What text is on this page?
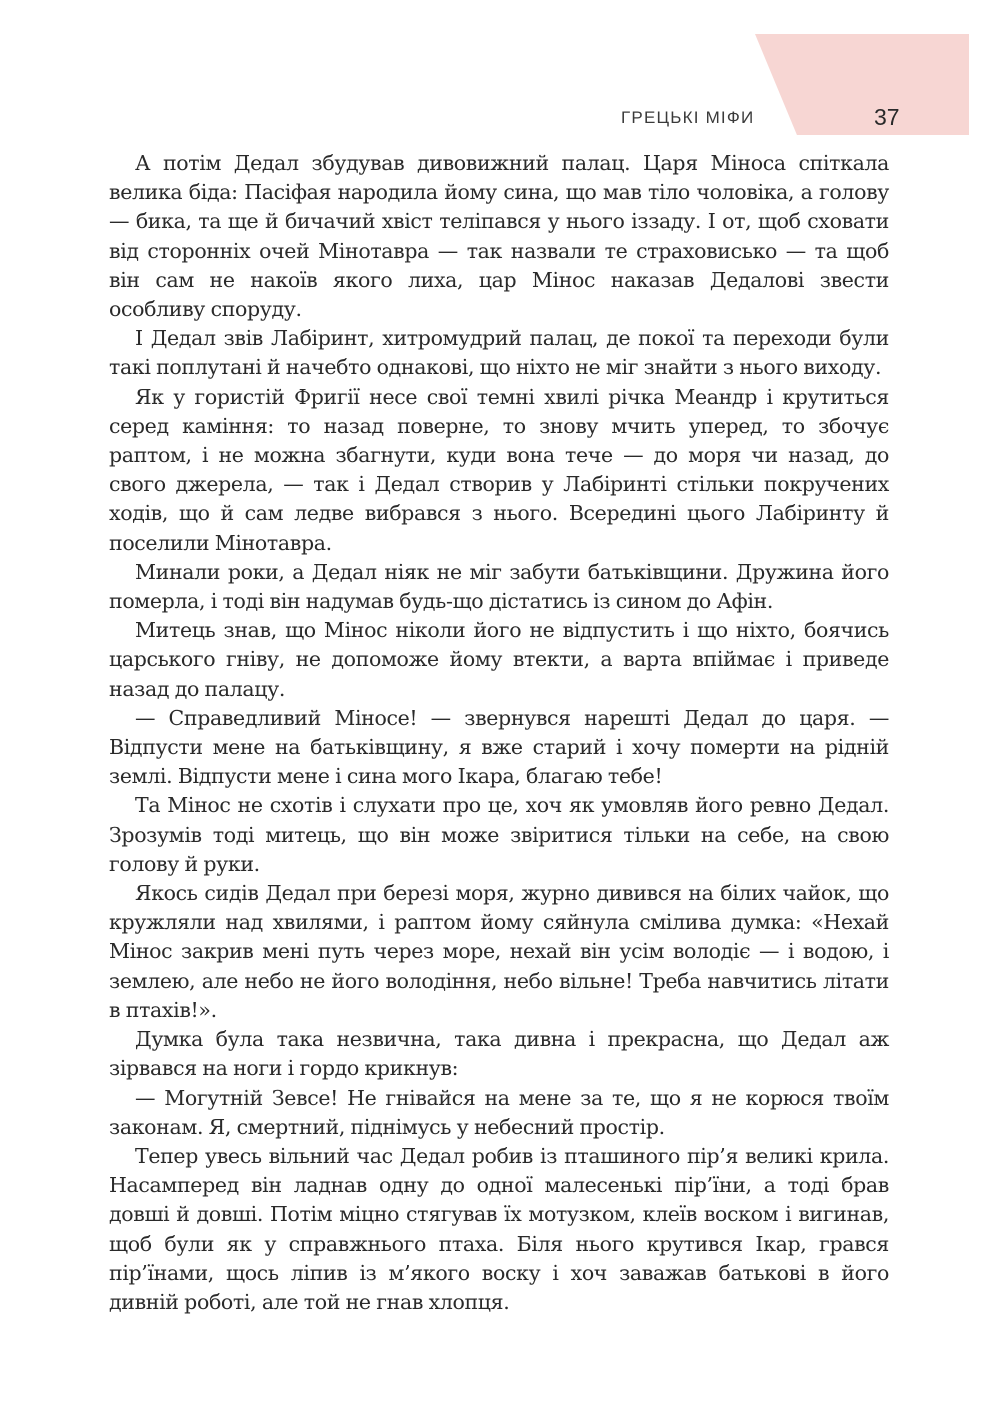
ГРЕЦЬКІ МІФИ	37

А потім Дедал збудував дивовижний палац. Царя Міноса спіткала велика біда: Пасіфая народила йому сина, що мав тіло чоловіка, а голову — бика, та ще й бичачий хвіст теліпався у нього іззаду. І от, щоб сховати від сторонніх очей Мінотавра — так назвали те страховисько — та щоб він сам не накоїв якого лиха, цар Мінос наказав Дедалові звести особливу споруду.

І Дедал звів Лабіринт, хитромудрий палац, де покої та переходи були такі поплутані й начебто однакові, що ніхто не міг знайти з нього виходу.

Як у гористій Фригії несе свої темні хвилі річка Меандр і крутиться серед каміння: то назад поверне, то знову мчить уперед, то збочує раптом, і не можна збагнути, куди вона тече — до моря чи назад, до свого джерела, — так і Дедал створив у Лабіринті стільки покручених ходів, що й сам ледве вибрався з нього. Всередині цього Лабіринту й поселили Мінотавра.

Минали роки, а Дедал ніяк не міг забути батьківщини. Дружина його померла, і тоді він надумав будь-що дістатись із сином до Афін.

Митець знав, що Мінос ніколи його не відпустить і що ніхто, боячись царського гніву, не допоможе йому втекти, а варта впіймає і приведе назад до палацу.

— Справедливий Міносе! — звернувся нарешті Дедал до царя. — Відпусти мене на батьківщину, я вже старий і хочу померти на рідній землі. Відпусти мене і сина мого Ікара, благаю тебе!

Та Мінос не схотів і слухати про це, хоч як умовляв його ревно Дедал. Зрозумів тоді митець, що він може звіритися тільки на себе, на свою голову й руки.

Якось сидів Дедал при березі моря, журно дивився на білих чайок, що кружляли над хвилями, і раптом йому сяйнула смілива думка: «Нехай Мінос закрив мені путь через море, нехай він усім володіє — і водою, і землею, але небо не його володіння, небо вільне! Треба навчитись літати в птахів!».

Думка була така незвична, така дивна і прекрасна, що Дедал аж зірвався на ноги і гордо крикнув:

— Могутній Зевсе! Не гнівайся на мене за те, що я не корюся твоїм законам. Я, смертний, піднімусь у небесний простір.

Тепер увесь вільний час Дедал робив із пташиного пір’я великі крила. Насамперед він ладнав одну до одної малесенькі пір’їни, а тоді брав довші й довші. Потім міцно стягував їх мотузком, клеїв воском і вигинав, щоб були як у справжнього птаха. Біля нього крутився Ікар, грався пір’їнами, щось ліпив із м’якого воску і хоч заважав батькові в його дивній роботі, але той не гнав хлопця.
